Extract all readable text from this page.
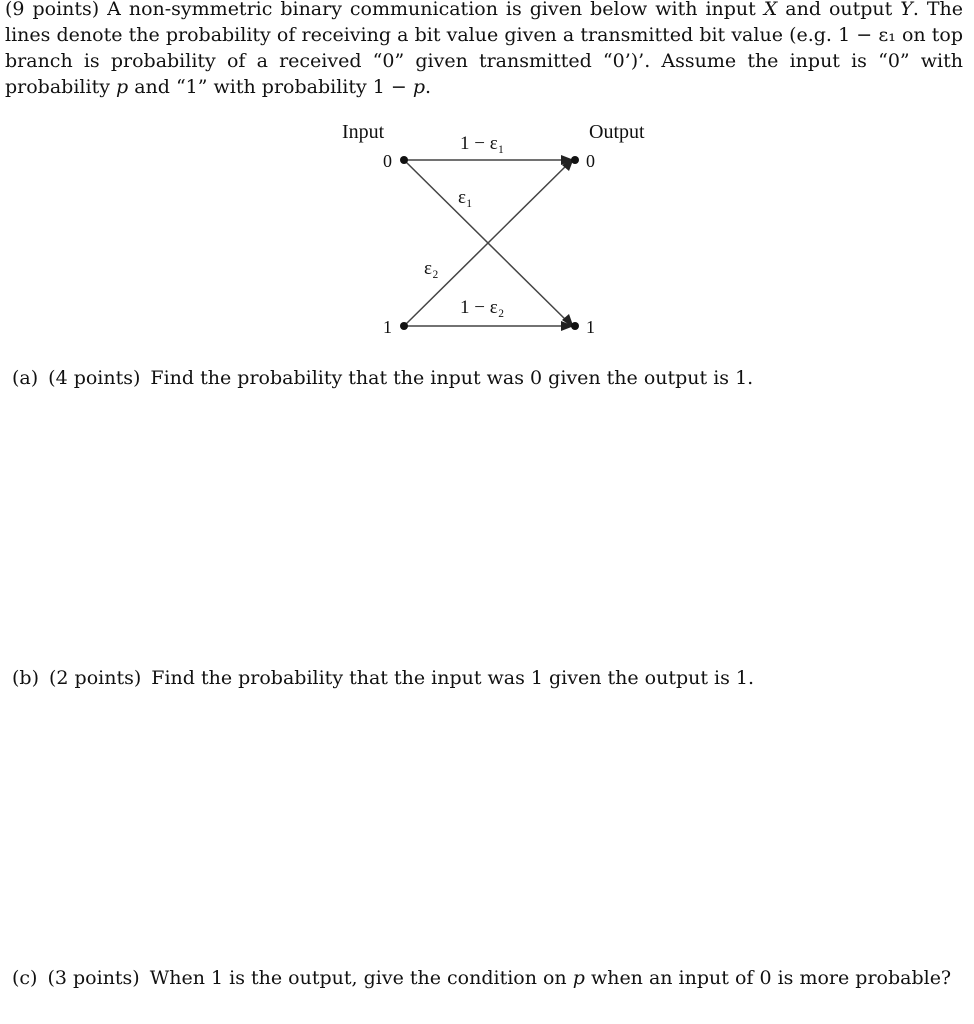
(9 points) A non-symmetric binary communication is given below with input X and output Y. The lines denote the probability of receiving a bit value given a transmitted bit value (e.g. 1 − ε₁ on top branch is probability of a received “0” given transmitted “0’)’. Assume the input is “0” with probability p and “1” with probability 1 − p.
Input	Output
0
1
0
1
1 − ε₁
ε₁
ε₂
1 − ε₂
(a) (4 points) Find the probability that the input was 0 given the output is 1.
(b) (2 points) Find the probability that the input was 1 given the output is 1.
(c) (3 points) When 1 is the output, give the condition on p when an input of 0 is more probable?
